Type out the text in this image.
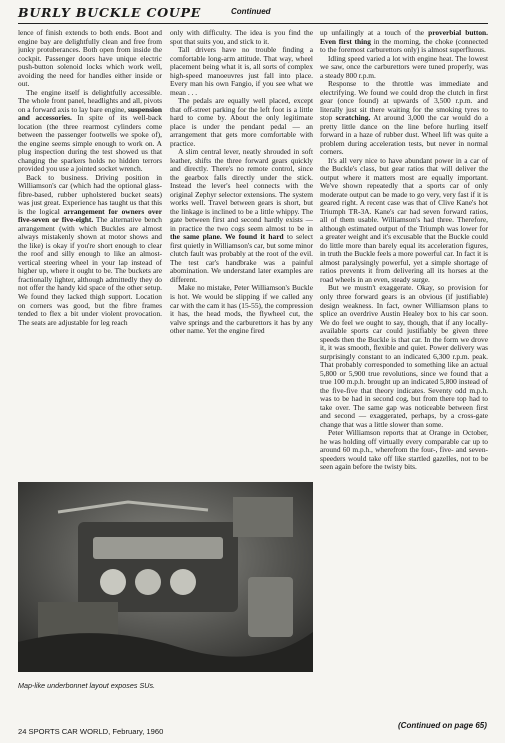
BURLY BUCKLE COUPE	Continued

lence of finish extends to both ends. Boot and engine bay are delightfully clean and free from junky protuberances. Both open from inside the cockpit. Passenger doors have unique electric push-button solenoid locks which work well, avoiding the need for handles either inside or out.

The engine itself is delightfully accessible. The whole front panel, headlights and all, pivots on a forward axis to lay bare engine, suspension and accessories. In spite of its well-back location (the three rearmost cylinders come between the passenger footwells we spoke of), the engine seems simple enough to work on. A plug inspection during the test showed us that changing the sparkers holds no hidden terrors provided you use a jointed socket wrench.

Back to business. Driving position in Williamson's car (which had the optional glass-fibre-based, rubber upholstered bucket seats) was just great. Experience has taught us that this is the logical arrangement for owners over five-seven or five-eight. The alternative bench arrangement (with which Buckles are almost always mistakenly shown at motor shows and the like) is okay if you're short enough to clear the roof and silly enough to like an almost-vertical steering wheel in your lap instead of higher up, where it ought to be. The buckets are fractionally lighter, although admittedly they do not offer the handy kid space of the other setup. We found they lacked thigh support. Location on corners was good, but the fibre frames tended to flex a bit under violent provocation. The seats are adjustable for leg reach

only with difficulty. The idea is you find the spot that suits you, and stick to it.

Tall drivers have no trouble finding a comfortable long-arm attitude. That way, wheel placement being what it is, all sorts of complex high-speed manoeuvres just fall into place. Every man his own Fangio, if you see what we mean . . .

The pedals are equally well placed, except that off-street parking for the left foot is a little hard to come by. About the only legitimate place is under the pendant pedal — an arrangement that gets more comfortable with practice.

A slim central lever, neatly shrouded in soft leather, shifts the three forward gears quickly and directly. There's no remote control, since the gearbox falls directly under the stick. Instead the lever's heel connects with the original Zephyr selector extensions. The system works well. Travel between gears is short, but the linkage is inclined to be a little whippy. The gate between first and second hardly exists — in practice the two cogs seem almost to be in the same plane. We found it hard to select first quietly in Williamson's car, but some minor clutch fault was probably at the root of the evil. The test car's handbrake was a painful abomination. We understand later examples are different.

Make no mistake, Peter Williamson's Buckle is hot. We would be slipping if we called any car with the cam it has (15-55), the compression it has, the head mods, the flywheel cut, the valve springs and the carburettors it has by any other name. Yet the engine fired

up unfailingly at a touch of the proverbial button. Even first thing in the morning, the choke (connected to the foremost carburettors only) is almost superfluous.

Idling speed varied a lot with engine heat. The lowest we saw, once the carburettors were tuned properly, was a steady 800 r.p.m.

Response to the throttle was immediate and electrifying. We found we could drop the clutch in first gear (once found) at upwards of 3,500 r.p.m. and literally just sit there waiting for the smoking tyres to stop scratching. At around 3,000 the car would do a pretty little dance on the line before hurling itself forward in a haze of rubber dust. Wheel lift was quite a problem during acceleration tests, but never in normal corners.

It's all very nice to have abundant power in a car of the Buckle's class, but gear ratios that will deliver the output where it matters most are equally important. We've shown repeatedly that a sports car of only moderate output can be made to go very, very fast if it is geared right. A recent case was that of Clive Kane's hot Triumph TR-3A. Kane's car had seven forward ratios, all of them usable. Williamson's had three. Therefore, although estimated output of the Triumph was lower for a greater weight and it's excusable that the Buckle could do little more than barely equal its acceleration figures, in truth the Buckle feels a more powerful car. In fact it is almost paralysingly powerful, yet a simple shortage of ratios prevents it from delivering all its horses at the road wheels in an even, steady surge.

But we mustn't exaggerate. Okay, so provision for only three forward gears is an obvious (if justifiable) design weakness. In fact, owner Williamson plans to splice an overdrive Austin Healey box to his car soon. We do feel we ought to say, though, that if any locally-available sports car could justifiably be given three speeds then the Buckle is that car. In the form we drove it, it was smooth, flexible and quiet. Power delivery was surprisingly constant to an indicated 6,300 r.p.m. peak. That probably corresponded to something like an actual 5,800 or 5,900 true revolutions, since we found that a true 100 m.p.h. brought up an indicated 5,800 instead of the five-five that theory indicates. Seventy odd m.p.h. was to be had in second cog, but from there top had to take over. The same gap was noticeable between first and second — exaggerated, perhaps, by a cross-gate change that was a little slower than some.

Peter Williamson reports that at Orange in October, he was holding off virtually every comparable car up to around 60 m.p.h., wherefrom the four-, five- and seven-speeders would take off like startled gazelles, not to be seen again before the twisty bits.

Map-like underbonnet layout exposes SUs.
24 SPORTS CAR WORLD, February, 1960
(Continued on page 65)
